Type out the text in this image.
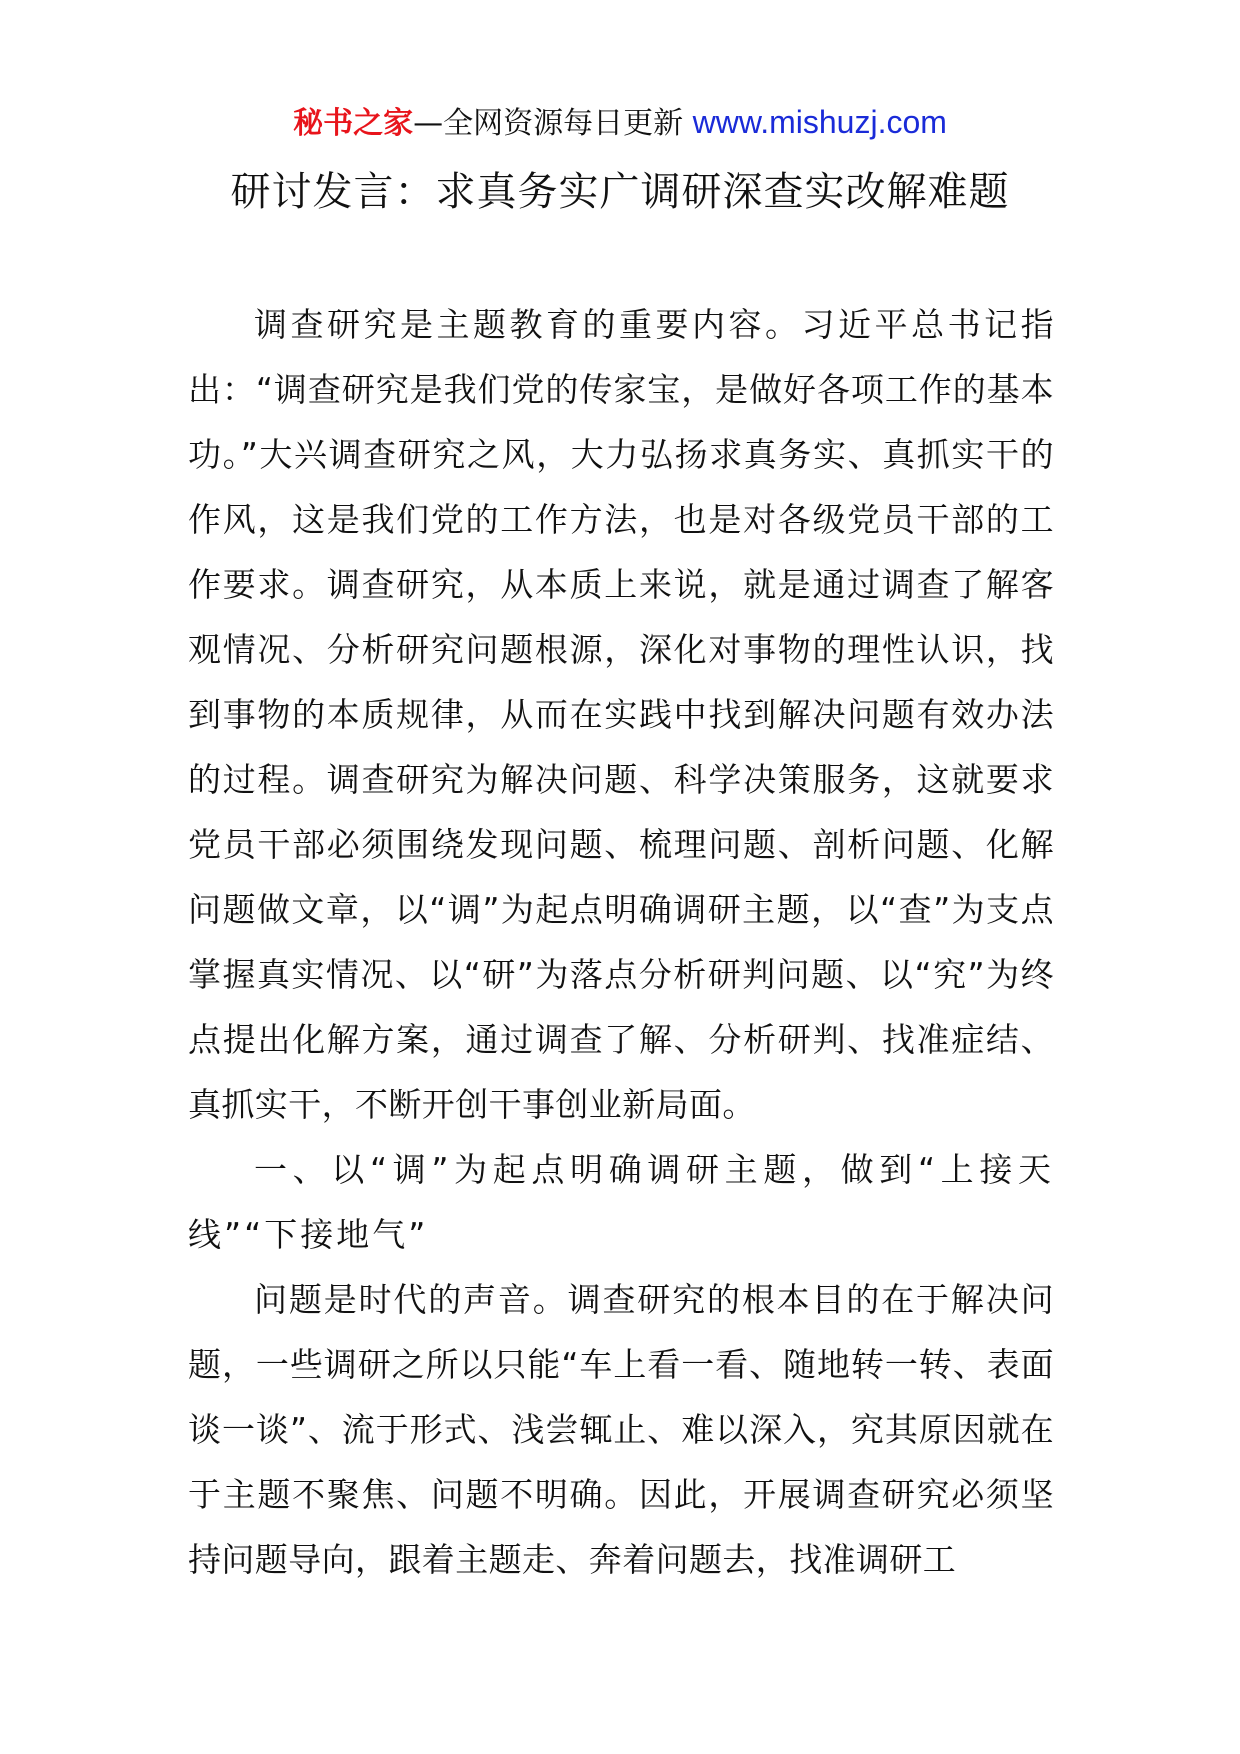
秘书之家—全网资源每日更新 www.mishuzj.com
研讨发言：求真务实广调研深查实改解难题

调查研究是主题教育的重要内容。习近平总书记指出：“调查研究是我们党的传家宝，是做好各项工作的基本功。”大兴调查研究之风，大力弘扬求真务实、真抓实干的作风，这是我们党的工作方法，也是对各级党员干部的工作要求。调查研究，从本质上来说，就是通过调查了解客观情况、分析研究问题根源，深化对事物的理性认识，找到事物的本质规律，从而在实践中找到解决问题有效办法的过程。调查研究为解决问题、科学决策服务，这就要求党员干部必须围绕发现问题、梳理问题、剖析问题、化解问题做文章，以“调”为起点明确调研主题，以“查”为支点掌握真实情况、以“研”为落点分析研判问题、以“究”为终点提出化解方案，通过调查了解、分析研判、找准症结、真抓实干，不断开创干事创业新局面。

一、以“调”为起点明确调研主题，做到“上接天线”“下接地气”

问题是时代的声音。调查研究的根本目的在于解决问题，一些调研之所以只能“车上看一看、随地转一转、表面谈一谈”、流于形式、浅尝辄止、难以深入，究其原因就在于主题不聚焦、问题不明确。因此，开展调查研究必须坚持问题导向，跟着主题走、奔着问题去，找准调研工
